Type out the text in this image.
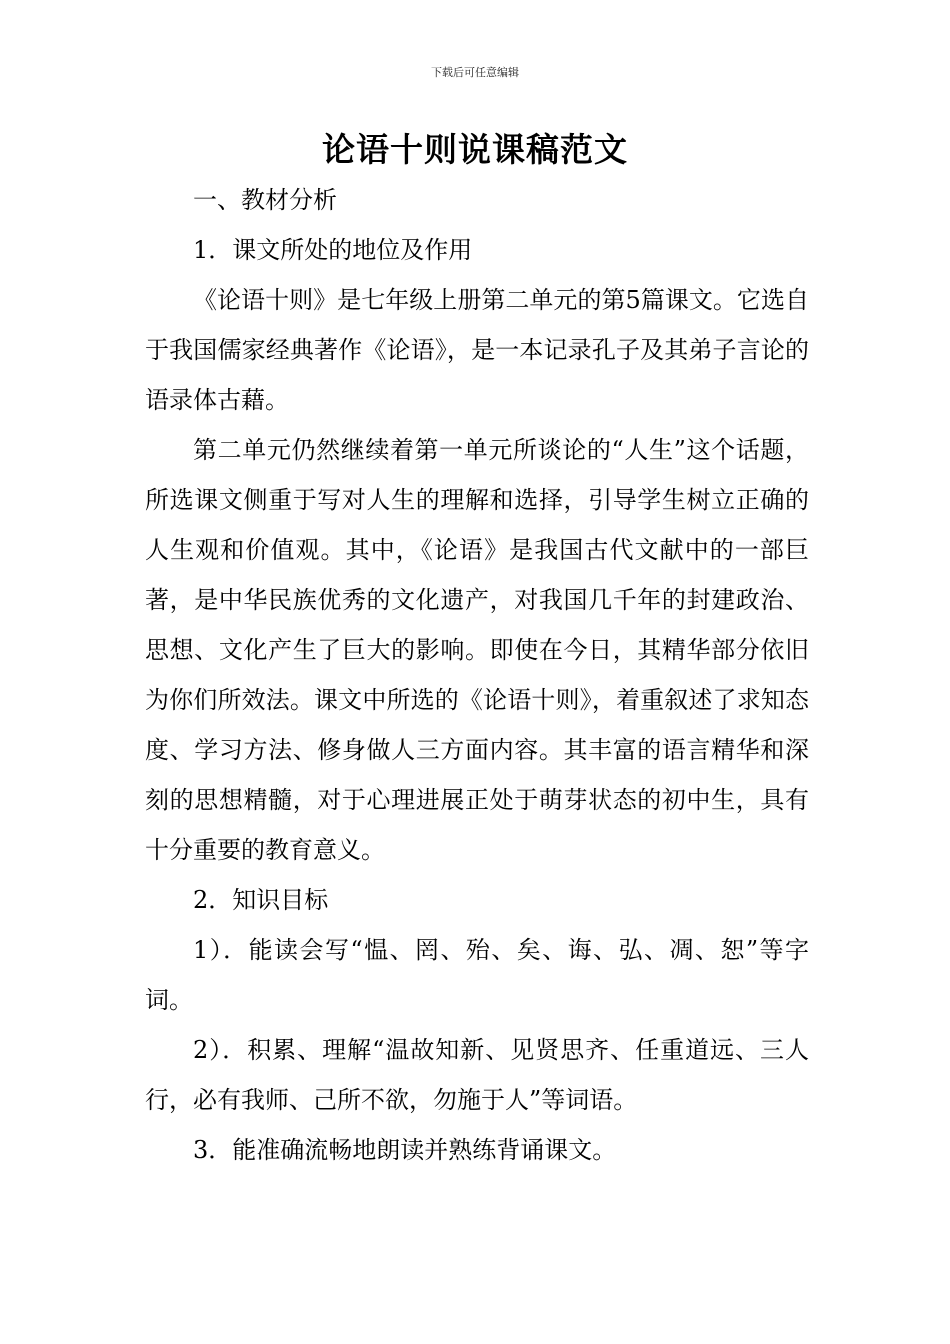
下载后可任意编辑
论语十则说课稿范文

一、教材分析

1．课文所处的地位及作用

《论语十则》是七年级上册第二单元的第5篇课文。它选自于我国儒家经典著作《论语》，是一本记录孔子及其弟子言论的语录体古藉。

第二单元仍然继续着第一单元所谈论的“人生”这个话题，所选课文侧重于写对人生的理解和选择，引导学生树立正确的人生观和价值观。其中，《论语》是我国古代文献中的一部巨著，是中华民族优秀的文化遗产，对我国几千年的封建政治、思想、文化产生了巨大的影响。即使在今日，其精华部分依旧为你们所效法。课文中所选的《论语十则》，着重叙述了求知态度、学习方法、修身做人三方面内容。其丰富的语言精华和深刻的思想精髓，对于心理进展正处于萌芽状态的初中生，具有十分重要的教育意义。

2．知识目标

1）．能读会写“愠、罔、殆、矣、诲、弘、凋、恕”等字词。

2）．积累、理解“温故知新、见贤思齐、任重道远、三人行，必有我师、己所不欲，勿施于人”等词语。

3．能准确流畅地朗读并熟练背诵课文。
